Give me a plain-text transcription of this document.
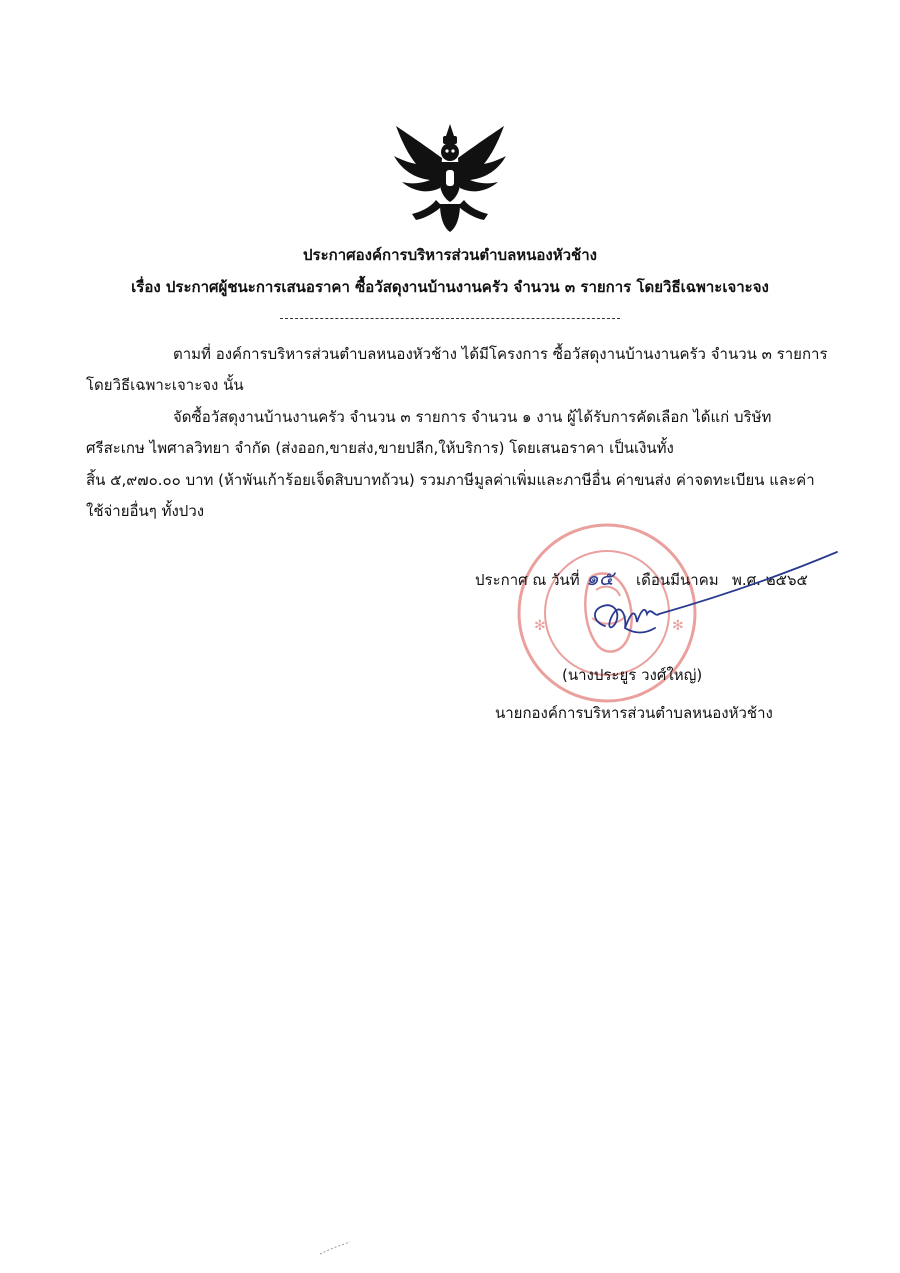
ประกาศองค์การบริหารส่วนตำบลหนองหัวช้าง
เรื่อง ประกาศผู้ชนะการเสนอราคา ซื้อวัสดุงานบ้านงานครัว จำนวน ๓ รายการ โดยวิธีเฉพาะเจาะจง
ตามที่ องค์การบริหารส่วนตำบลหนองหัวช้าง ได้มีโครงการ ซื้อวัสดุงานบ้านงานครัว จำนวน ๓ รายการ
โดยวิธีเฉพาะเจาะจง นั้น
จัดซื้อวัสดุงานบ้านงานครัว จำนวน ๓ รายการ จำนวน ๑ งาน ผู้ได้รับการคัดเลือก ได้แก่ บริษัท
ศรีสะเกษ ไพศาลวิทยา จำกัด (ส่งออก,ขายส่ง,ขายปลีก,ให้บริการ) โดยเสนอราคา เป็นเงินทั้ง
สิ้น ๕,๙๗๐.๐๐ บาท (ห้าพันเก้าร้อยเจ็ดสิบบาทถ้วน) รวมภาษีมูลค่าเพิ่มและภาษีอื่น ค่าขนส่ง ค่าจดทะเบียน และค่า
ใช้จ่ายอื่นๆ ทั้งปวง
✻	✻
ประกาศ ณ วันที่ ๑๕ เดือนมีนาคม พ.ศ. ๒๕๖๕
(นางประยูร วงศ์ใหญ่)
นายกองค์การบริหารส่วนตำบลหนองหัวช้าง
